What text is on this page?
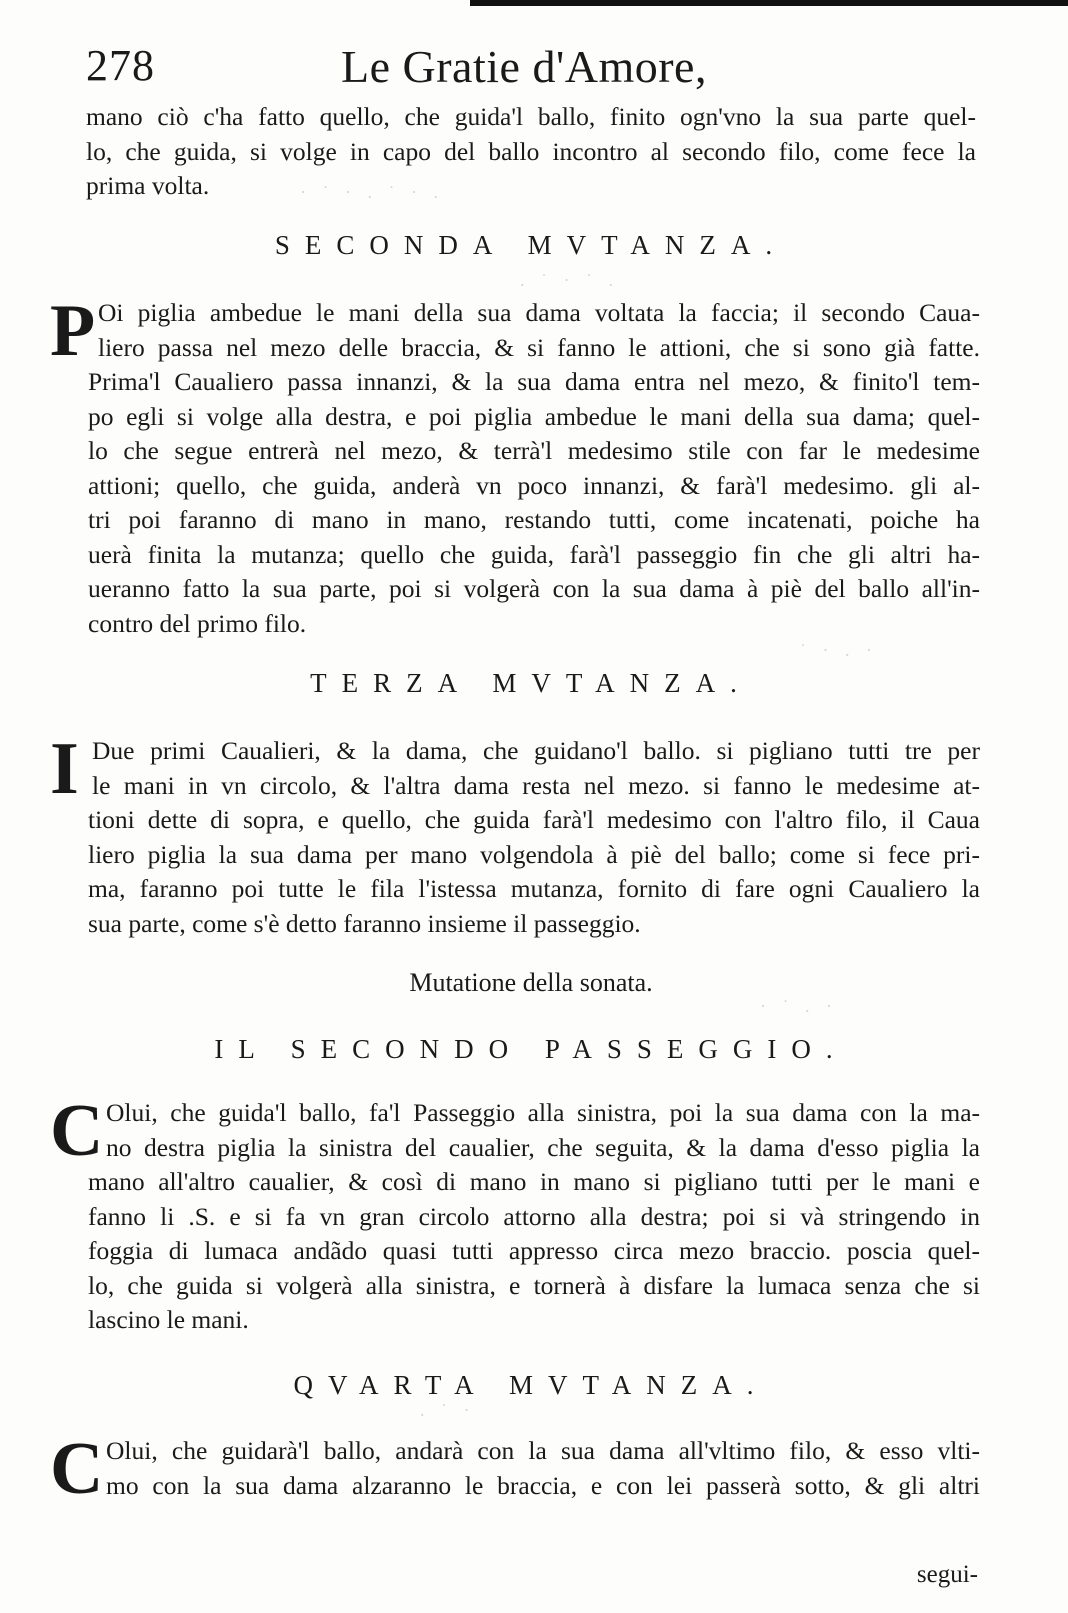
278	Le Gratie d'Amore,
mano ciò c'ha fatto quello, che guida'l ballo, finito ogn'vno la sua parte quel-
lo, che guida, si volge in capo del ballo incontro al secondo filo, come fece la
prima volta.
SECONDA MVTANZA.
P Oi piglia ambedue le mani della sua dama voltata la faccia; il secondo Caua-
liero passa nel mezo delle braccia, & si fanno le attioni, che si sono già fatte.
Prima'l Caualiero passa innanzi, & la sua dama entra nel mezo, & finito'l tem-
po egli si volge alla destra, e poi piglia ambedue le mani della sua dama; quel-
lo che segue entrerà nel mezo, & terrà'l medesimo stile con far le medesime
attioni; quello, che guida, anderà vn poco innanzi, & farà'l medesimo. gli al-
tri poi faranno di mano in mano, restando tutti, come incatenati, poiche ha
uerà finita la mutanza; quello che guida, farà'l passeggio fin che gli altri ha-
ueranno fatto la sua parte, poi si volgerà con la sua dama à piè del ballo all'in-
contro del primo filo.
TERZA MVTANZA.
I Due primi Caualieri, & la dama, che guidano'l ballo. si pigliano tutti tre per
le mani in vn circolo, & l'altra dama resta nel mezo. si fanno le medesime at-
tioni dette di sopra, e quello, che guida farà'l medesimo con l'altro filo, il Caua
liero piglia la sua dama per mano volgendola à piè del ballo; come si fece pri-
ma, faranno poi tutte le fila l'istessa mutanza, fornito di fare ogni Caualiero la
sua parte, come s'è detto faranno insieme il passeggio.
Mutatione della sonata.
IL SECONDO PASSEGGIO.
C Olui, che guida'l ballo, fa'l Passeggio alla sinistra, poi la sua dama con la ma-
no destra piglia la sinistra del caualier, che seguita, & la dama d'esso piglia la
mano all'altro caualier, & così di mano in mano si pigliano tutti per le mani e
fanno li .S. e si fa vn gran circolo attorno alla destra; poi si và stringendo in
foggia di lumaca andãdo quasi tutti appresso circa mezo braccio. poscia quel-
lo, che guida si volgerà alla sinistra, e tornerà à disfare la lumaca senza che si
lascino le mani.
QVARTA MVTANZA.
C Olui, che guidarà'l ballo, andarà con la sua dama all'vltimo filo, & esso vlti-
mo con la sua dama alzaranno le braccia, e con lei passerà sotto, & gli altri
segui-
· ˙ · . ˙ · .
. ˙ · ˙ .
˙ · . ·
· ˙ . ·
. ˙ ·
